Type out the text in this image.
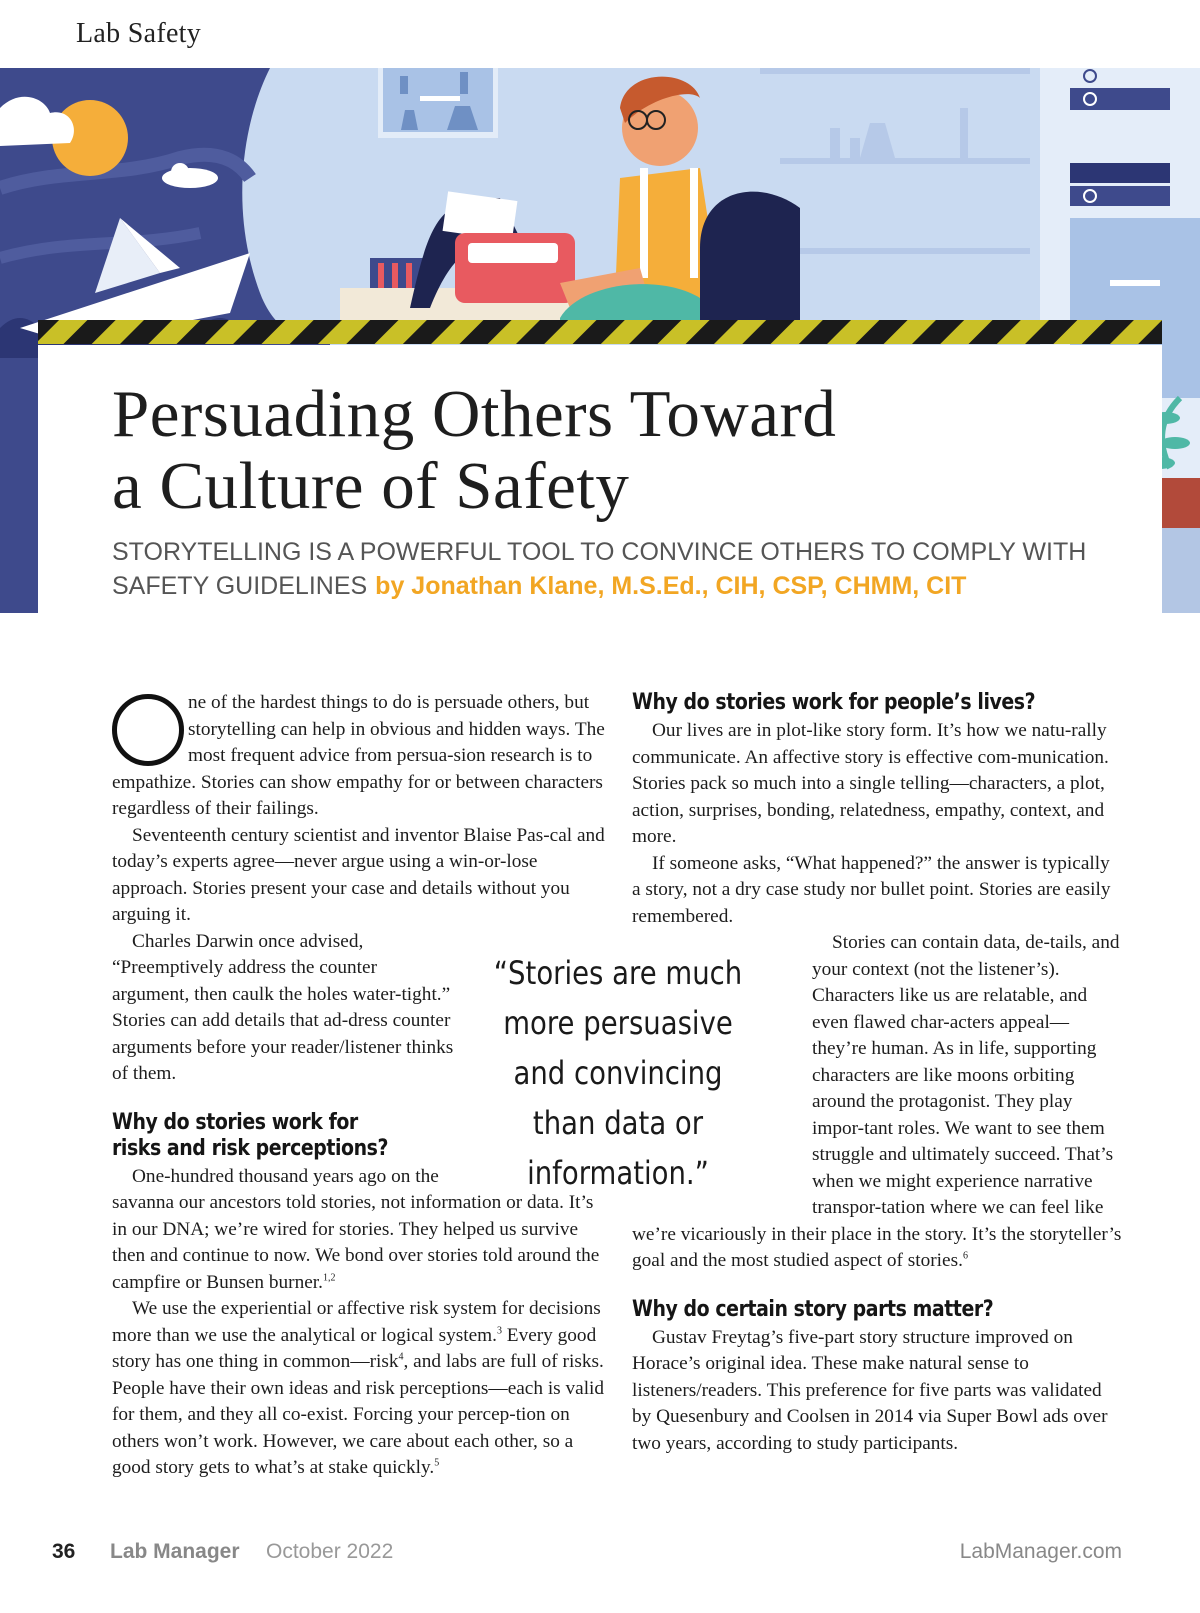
Lab Safety
Persuading Others Toward
a Culture of Safety
STORYTELLING IS A POWERFUL TOOL TO CONVINCE OTHERS TO COMPLY WITH SAFETY GUIDELINES by Jonathan Klane, M.S.Ed., CIH, CSP, CHMM, CIT

ne of the hardest things to do is persuade others, but storytelling can help in obvious and hidden ways. The most frequent advice from persua-sion research is to empathize. Stories can show empathy for or between characters regardless of their failings.

Seventeenth century scientist and inventor Blaise Pas-cal and today’s experts agree—never argue using a win-or-lose approach. Stories present your case and details without you arguing it.

Charles Darwin once advised, “Preemptively address the counter argument, then caulk the holes water-tight.” Stories can add details that ad-dress counter arguments before your reader/listener thinks of them.

Why do stories work for risks and risk perceptions?

One-hundred thousand years ago on the savanna our ancestors told stories, not information or data. It’s in our DNA; we’re wired for stories. They helped us survive then and continue to now. We bond over stories told around the campfire or Bunsen burner.$^{1,2}$

We use the experiential or affective risk system for decisions more than we use the analytical or logical system.$^3$ Every good story has one thing in common—risk$^4$, and labs are full of risks. People have their own ideas and risk perceptions—each is valid for them, and they all co-exist. Forcing your percep-tion on others won’t work. However, we care about each other, so a good story gets to what’s at stake quickly.$^5$

Why do stories work for people’s lives?

Our lives are in plot-like story form. It’s how we natu-rally communicate. An affective story is effective com-munication. Stories pack so much into a single telling—characters, a plot, action, surprises, bonding, relatedness, empathy, context, and more.

If someone asks, “What happened?” the answer is typically a story, not a dry case study nor bullet point. Stories are easily remembered.

Stories can contain data, de-tails, and your context (not the listener’s). Characters like us are relatable, and even flawed char-acters appeal—they’re human. As in life, supporting characters are like moons orbiting around the protagonist. They play impor-tant roles. We want to see them struggle and ultimately succeed. That’s when we might experience narrative transpor-tation where we can feel like we’re vicariously in their place in the story. It’s the storyteller’s goal and the most studied aspect of stories.$^6$

Why do certain story parts matter?

Gustav Freytag’s five-part story structure improved on Horace’s original idea. These make natural sense to listeners/readers. This preference for five parts was validated by Quesenbury and Coolsen in 2014 via Super Bowl ads over two years, according to study participants.

“Stories are much more persuasive and convincing than data or information.”
36 Lab Manager October 2022	LabManager.com
